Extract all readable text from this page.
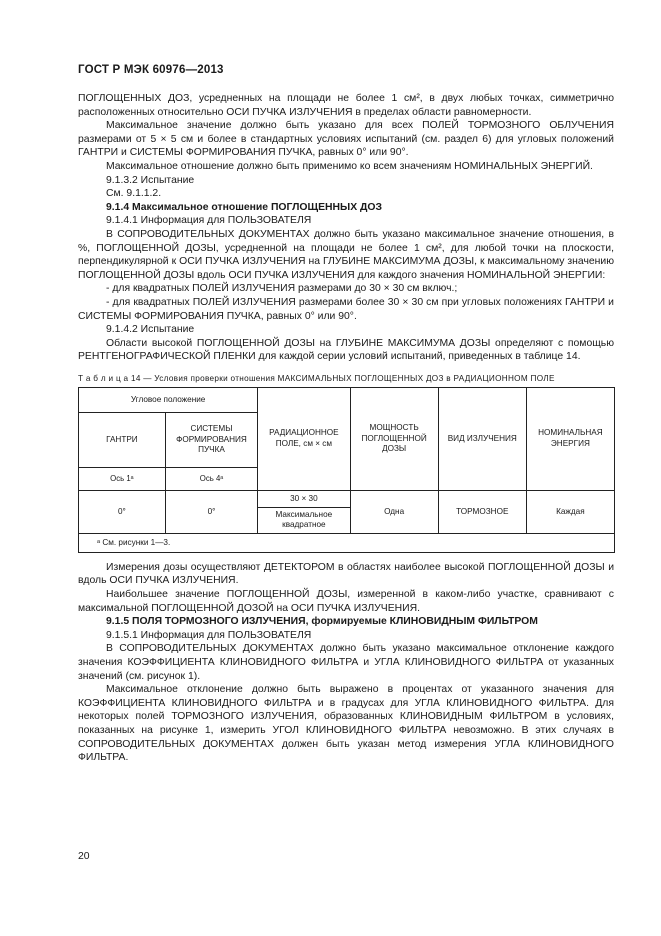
ГОСТ Р МЭК 60976—2013

ПОГЛОЩЕННЫХ ДОЗ, усредненных на площади не более 1 см², в двух любых точках, симметрично расположенных относительно ОСИ ПУЧКА ИЗЛУЧЕНИЯ в пределах области равномерности.

Максимальное значение должно быть указано для всех ПОЛЕЙ ТОРМОЗНОГО ОБЛУЧЕНИЯ размерами от 5 × 5 см и более в стандартных условиях испытаний (см. раздел 6) для угловых положений ГАНТРИ и СИСТЕМЫ ФОРМИРОВАНИЯ ПУЧКА, равных 0° или 90°.

Максимальное отношение должно быть применимо ко всем значениям НОМИНАЛЬНЫХ ЭНЕРГИЙ.

9.1.3.2 Испытание

См. 9.1.1.2.

9.1.4 Максимальное отношение ПОГЛОЩЕННЫХ ДОЗ

9.1.4.1 Информация для ПОЛЬЗОВАТЕЛЯ

В СОПРОВОДИТЕЛЬНЫХ ДОКУМЕНТАХ должно быть указано максимальное значение отношения, в %, ПОГЛОЩЕННОЙ ДОЗЫ, усредненной на площади не более 1 см², для любой точки на плоскости, перпендикулярной к ОСИ ПУЧКА ИЗЛУЧЕНИЯ на ГЛУБИНЕ МАКСИМУМА ДОЗЫ, к максимальному значению ПОГЛОЩЕННОЙ ДОЗЫ вдоль ОСИ ПУЧКА ИЗЛУЧЕНИЯ для каждого значения НОМИНАЛЬНОЙ ЭНЕРГИИ:

- для квадратных ПОЛЕЙ ИЗЛУЧЕНИЯ размерами до 30 × 30 см включ.;

- для квадратных ПОЛЕЙ ИЗЛУЧЕНИЯ размерами более 30 × 30 см при угловых положениях ГАНТРИ и СИСТЕМЫ ФОРМИРОВАНИЯ ПУЧКА, равных 0° или 90°.

9.1.4.2 Испытание

Области высокой ПОГЛОЩЕННОЙ ДОЗЫ на ГЛУБИНЕ МАКСИМУМА ДОЗЫ определяют с помощью РЕНТГЕНОГРАФИЧЕСКОЙ ПЛЕНКИ для каждой серии условий испытаний, приведенных в таблице 14.

Т а б л и ц а 14 — Условия проверки отношения МАКСИМАЛЬНЫХ ПОГЛОЩЕННЫХ ДОЗ в РАДИАЦИОННОМ ПОЛЕ

Угловое положение		РАДИАЦИОННОЕ ПОЛЕ, см × см	МОЩНОСТЬ ПОГЛОЩЕННОЙ ДОЗЫ	ВИД ИЗЛУЧЕНИЯ	НОМИНАЛЬНАЯ ЭНЕРГИЯ
ГАНТРИ	СИСТЕМЫ ФОРМИРОВАНИЯ ПУЧКА				
Ось 1ᵃ	Ось 4ᵃ				
0°	0°	30 × 30	Одна	ТОРМОЗНОЕ	Каждая
		Максимальное квадратное			
ᵃ См. рисунки 1—3.					

Измерения дозы осуществляют ДЕТЕКТОРОМ в областях наиболее высокой ПОГЛОЩЕННОЙ ДОЗЫ и вдоль ОСИ ПУЧКА ИЗЛУЧЕНИЯ.

Наибольшее значение ПОГЛОЩЕННОЙ ДОЗЫ, измеренной в каком-либо участке, сравнивают с максимальной ПОГЛОЩЕННОЙ ДОЗОЙ на ОСИ ПУЧКА ИЗЛУЧЕНИЯ.

9.1.5 ПОЛЯ ТОРМОЗНОГО ИЗЛУЧЕНИЯ, формируемые КЛИНОВИДНЫМ ФИЛЬТРОМ

9.1.5.1 Информация для ПОЛЬЗОВАТЕЛЯ

В СОПРОВОДИТЕЛЬНЫХ ДОКУМЕНТАХ должно быть указано максимальное отклонение каждого значения КОЭФФИЦИЕНТА КЛИНОВИДНОГО ФИЛЬТРА и УГЛА КЛИНОВИДНОГО ФИЛЬТРА от указанных значений (см. рисунок 1).

Максимальное отклонение должно быть выражено в процентах от указанного значения для КОЭФФИЦИЕНТА КЛИНОВИДНОГО ФИЛЬТРА и в градусах для УГЛА КЛИНОВИДНОГО ФИЛЬТРА. Для некоторых полей ТОРМОЗНОГО ИЗЛУЧЕНИЯ, образованных КЛИНОВИДНЫМ ФИЛЬТРОМ в условиях, показанных на рисунке 1, измерить УГОЛ КЛИНОВИДНОГО ФИЛЬТРА невозможно. В этих случаях в СОПРОВОДИТЕЛЬНЫХ ДОКУМЕНТАХ должен быть указан метод измерения УГЛА КЛИНОВИДНОГО ФИЛЬТРА.

20
